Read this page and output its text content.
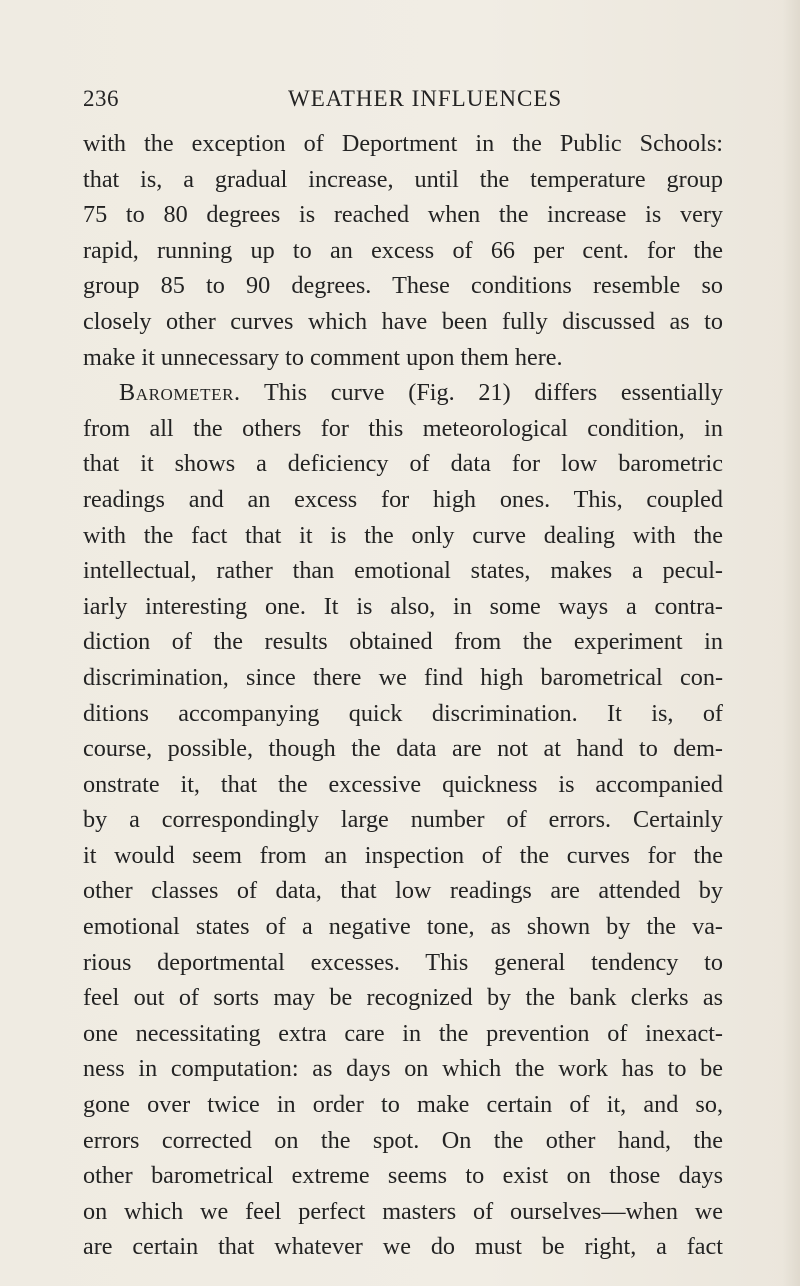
236	WEATHER INFLUENCES
with the exception of Deportment in the Public Schools:
that is, a gradual increase, until the temperature group
75 to 80 degrees is reached when the increase is very
rapid, running up to an excess of 66 per cent. for the
group 85 to 90 degrees. These conditions resemble so
closely other curves which have been fully discussed as to
make it unnecessary to comment upon them here.
Barometer. This curve (Fig. 21) differs essentially
from all the others for this meteorological condition, in
that it shows a deficiency of data for low barometric
readings and an excess for high ones. This, coupled
with the fact that it is the only curve dealing with the
intellectual, rather than emotional states, makes a pecul-
iarly interesting one. It is also, in some ways a contra-
diction of the results obtained from the experiment in
discrimination, since there we find high barometrical con-
ditions accompanying quick discrimination. It is, of
course, possible, though the data are not at hand to dem-
onstrate it, that the excessive quickness is accompanied
by a correspondingly large number of errors. Certainly
it would seem from an inspection of the curves for the
other classes of data, that low readings are attended by
emotional states of a negative tone, as shown by the va-
rious deportmental excesses. This general tendency to
feel out of sorts may be recognized by the bank clerks as
one necessitating extra care in the prevention of inexact-
ness in computation: as days on which the work has to be
gone over twice in order to make certain of it, and so,
errors corrected on the spot. On the other hand, the
other barometrical extreme seems to exist on those days
on which we feel perfect masters of ourselves—when we
are certain that whatever we do must be right, a fact
